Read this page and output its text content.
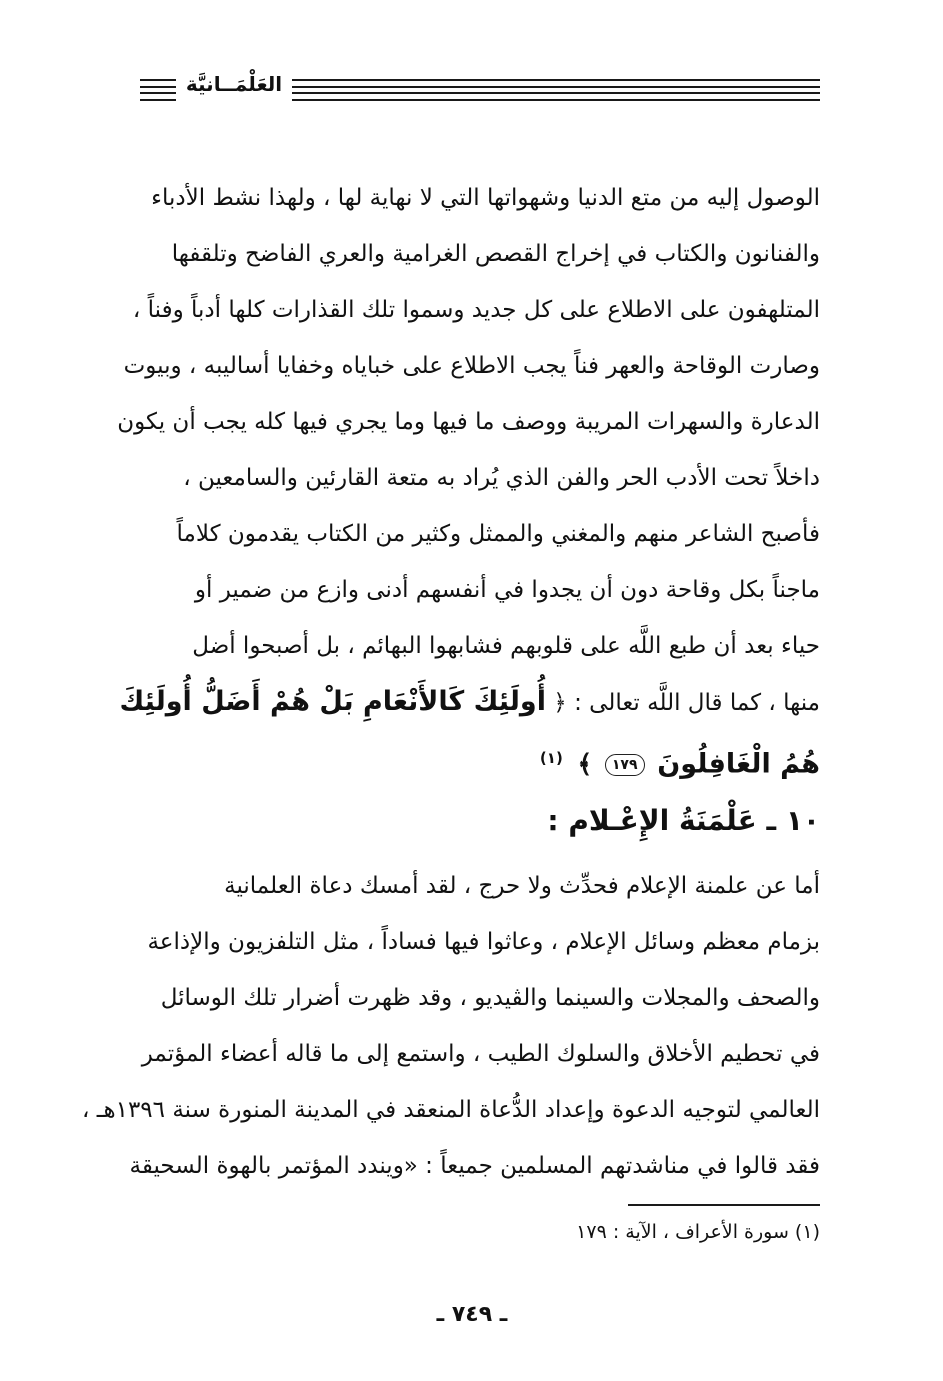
العَلْمَــانيَّة
الوصول إليه من متع الدنيا وشهواتها التي لا نهاية لها ، ولهذا نشط الأدباء
والفنانون والكتاب في إخراج القصص الغرامية والعري الفاضح وتلقفها
المتلهفون على الاطلاع على كل جديد وسموا تلك القذارات كلها أدباً وفناً ،
وصارت الوقاحة والعهر فناً يجب الاطلاع على خباياه وخفايا أساليبه ، وبيوت
الدعارة والسهرات المريبة ووصف ما فيها وما يجري فيها كله يجب أن يكون
داخلاً تحت الأدب الحر والفن الذي يُراد به متعة القارئين والسامعين ،
فأصبح الشاعر منهم والمغني والممثل وكثير من الكتاب يقدمون كلاماً
ماجناً بكل وقاحة دون أن يجدوا في أنفسهم أدنى وازع من ضمير أو
حياء بعد أن طبع اللَّه على قلوبهم فشابهوا البهائم ، بل أصبحوا أضل
منها ، كما قال اللَّه تعالى : ﴿ أُولَئِكَ كَالأَنْعَامِ بَلْ هُمْ أَضَلُّ أُولَئِكَ
هُمُ الْغَافِلُونَ ١٧٩ ﴾ $^{(١)}$
١٠ ـ عَلْمَنَةُ الإِعْـلام :
أما عن علمنة الإعلام فحدِّث ولا حرج ، لقد أمسك دعاة العلمانية
بزمام معظم وسائل الإعلام ، وعاثوا فيها فساداً ، مثل التلفزيون والإذاعة
والصحف والمجلات والسينما والڤيديو ، وقد ظهرت أضرار تلك الوسائل
في تحطيم الأخلاق والسلوك الطيب ، واستمع إلى ما قاله أعضاء المؤتمر
العالمي لتوجيه الدعوة وإعداد الدُّعاة المنعقد في المدينة المنورة سنة ١٣٩٦هـ ،
فقد قالوا في مناشدتهم المسلمين جميعاً : «ويندد المؤتمر بالهوة السحيقة
(١) سورة الأعراف ، الآية : ١٧٩
ـ ٧٤٩ ـ
